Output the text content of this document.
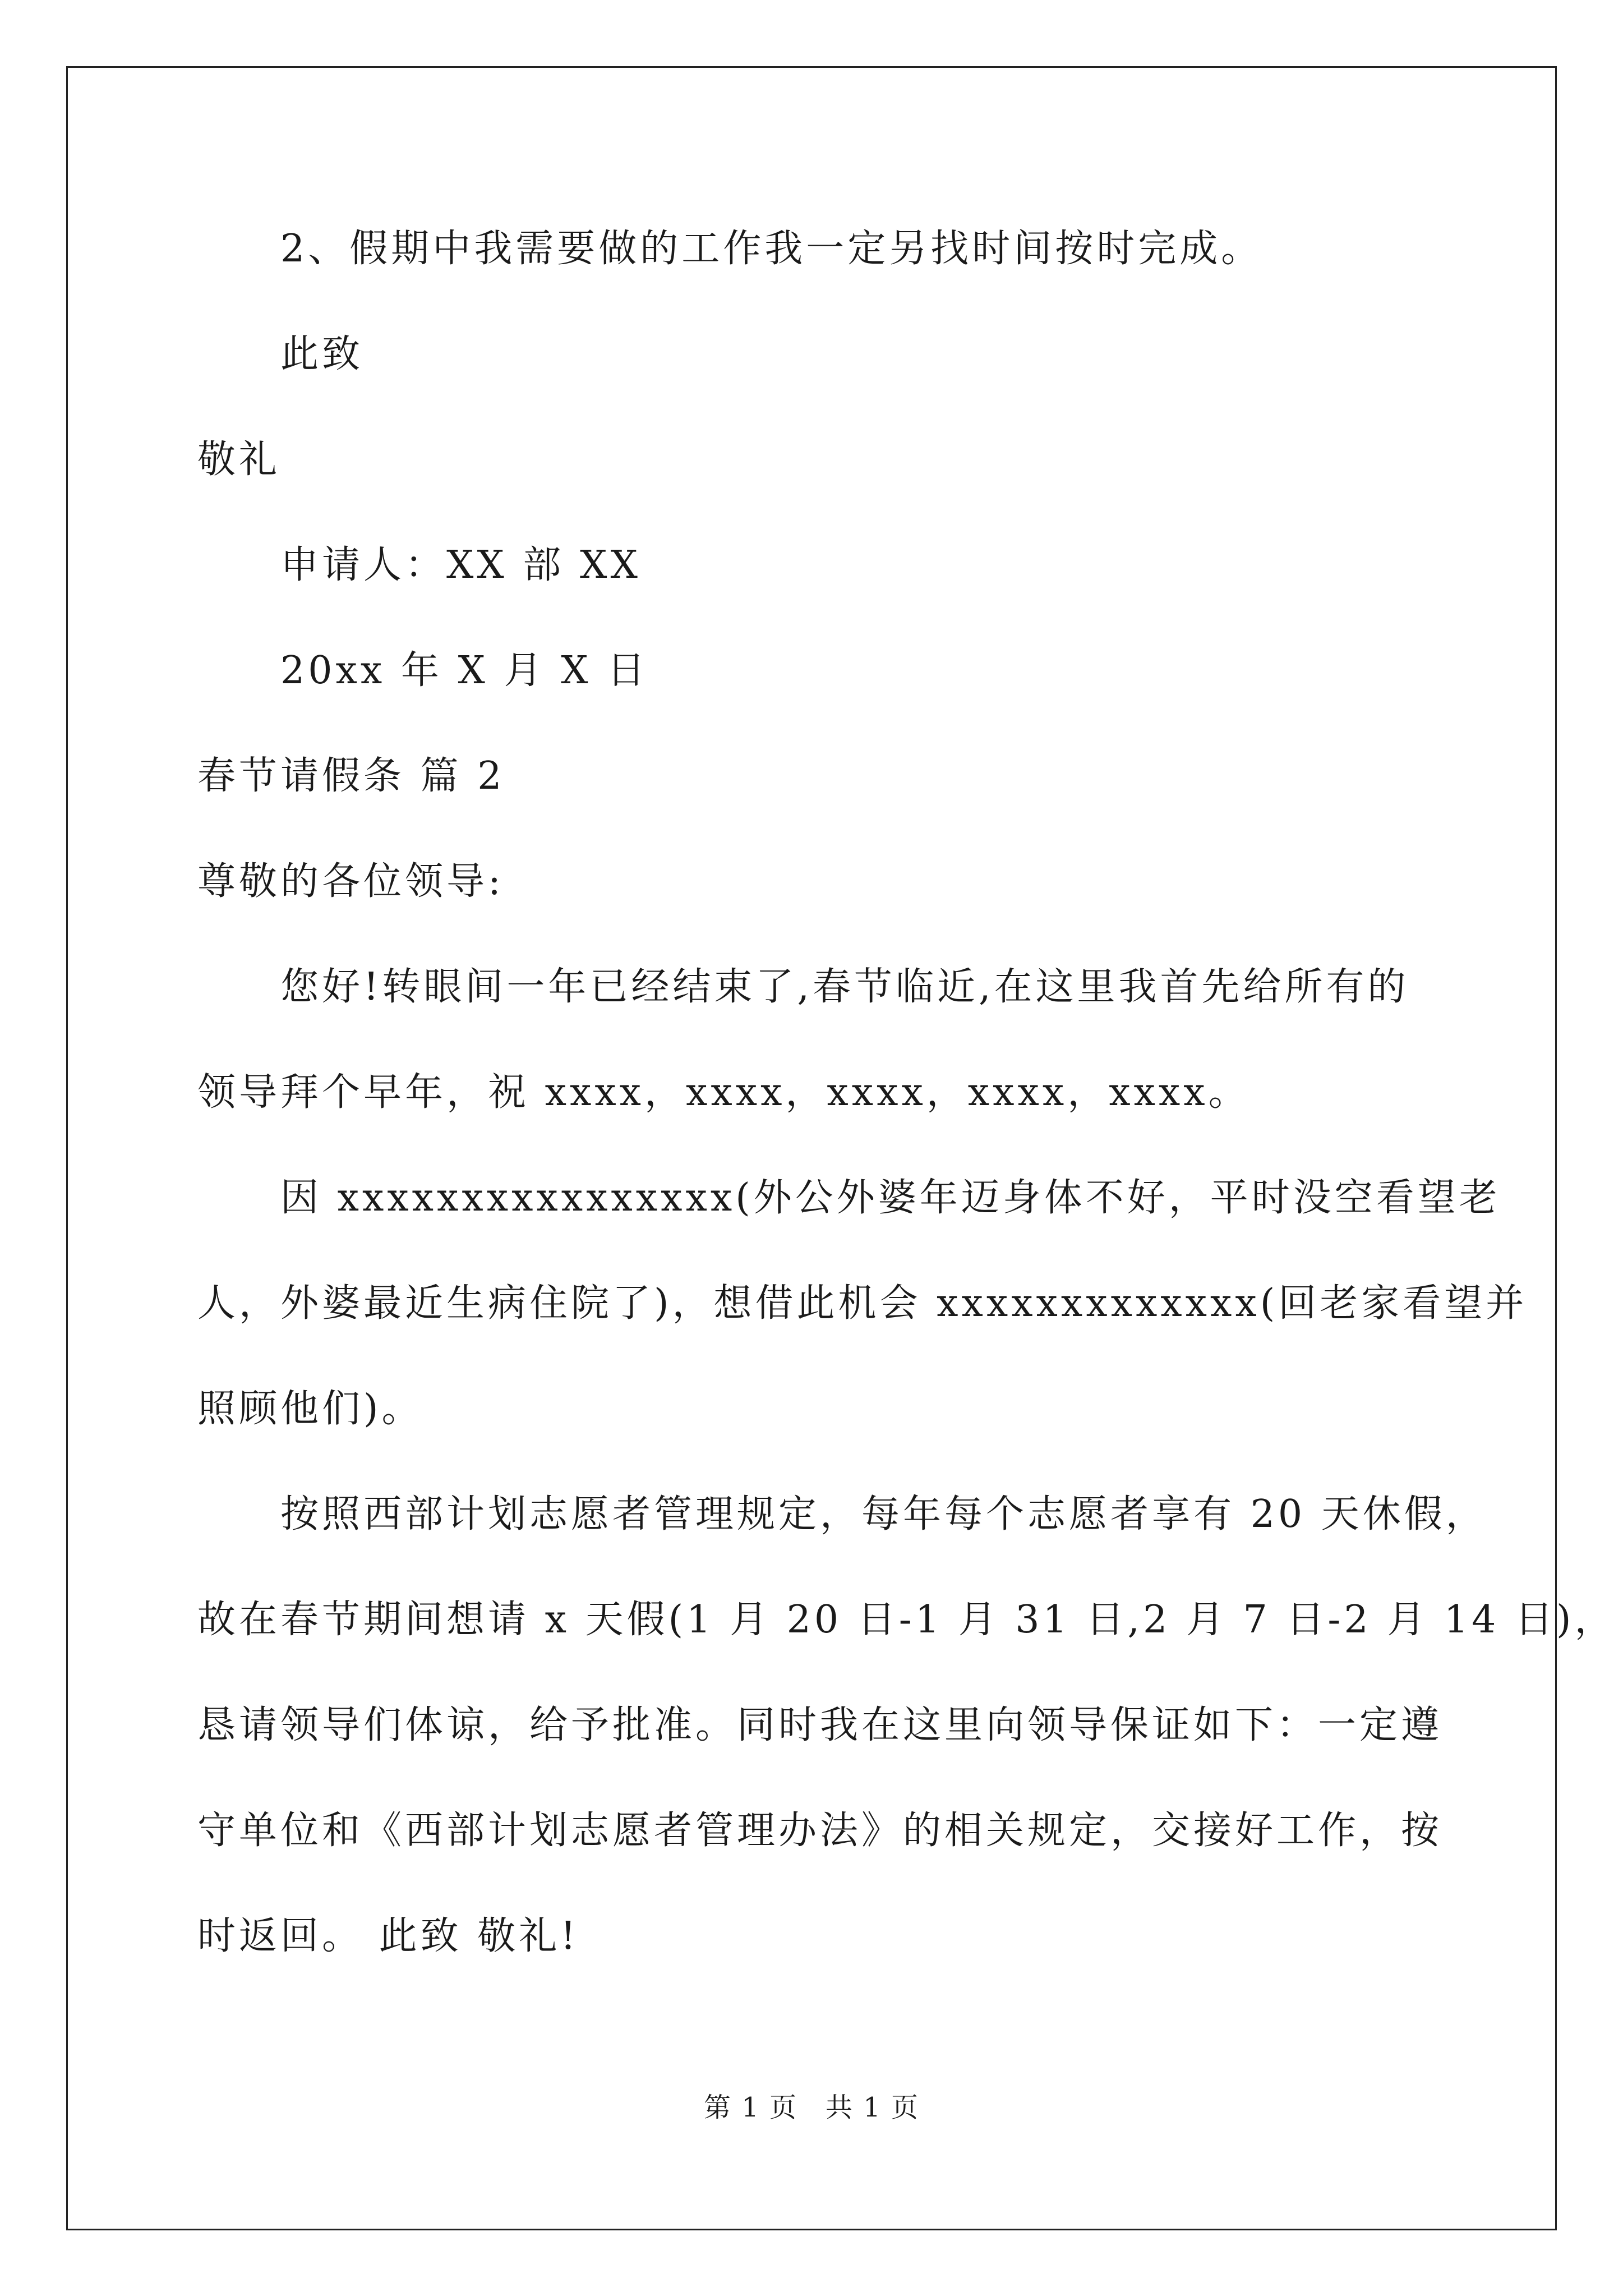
2、假期中我需要做的工作我一定另找时间按时完成。
此致
敬礼
申请人：XX 部 XX
20xx 年 X 月 X 日
春节请假条 篇 2
尊敬的各位领导:
您好!转眼间一年已经结束了,春节临近,在这里我首先给所有的
领导拜个早年，祝 xxxx，xxxx，xxxx，xxxx，xxxx。
因 xxxxxxxxxxxxxxxx(外公外婆年迈身体不好，平时没空看望老
人，外婆最近生病住院了)，想借此机会 xxxxxxxxxxxxx(回老家看望并
照顾他们)。
按照西部计划志愿者管理规定，每年每个志愿者享有 20 天休假，
故在春节期间想请 x 天假(1 月 20 日-1 月 31 日,2 月 7 日-2 月 14 日)，
恳请领导们体谅，给予批准。同时我在这里向领导保证如下：一定遵
守单位和《西部计划志愿者管理办法》的相关规定，交接好工作，按
时返回。 此致 敬礼!
第 1 页 共 1 页
